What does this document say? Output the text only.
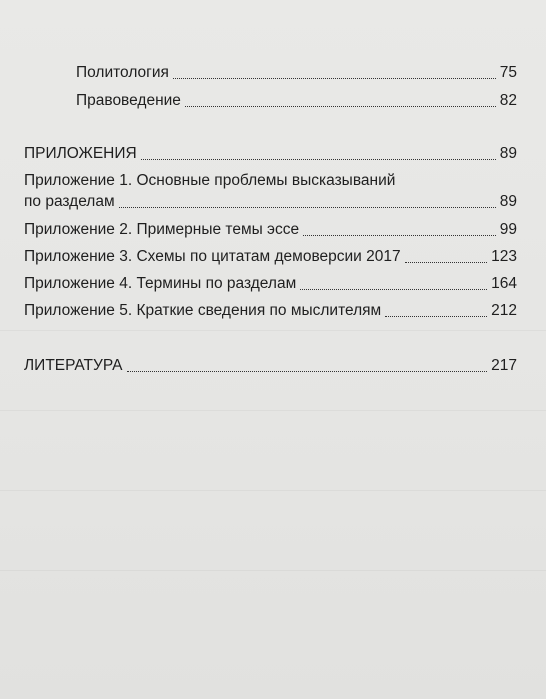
Политология	75
Правоведение	82
ПРИЛОЖЕНИЯ	89
Приложение 1. Основные проблемы высказываний
по разделам	89
Приложение 2. Примерные темы эссе	99
Приложение 3. Схемы по цитатам демоверсии 2017	123
Приложение 4. Термины по разделам	164
Приложение 5. Краткие сведения по мыслителям	212
ЛИТЕРАТУРА	217
